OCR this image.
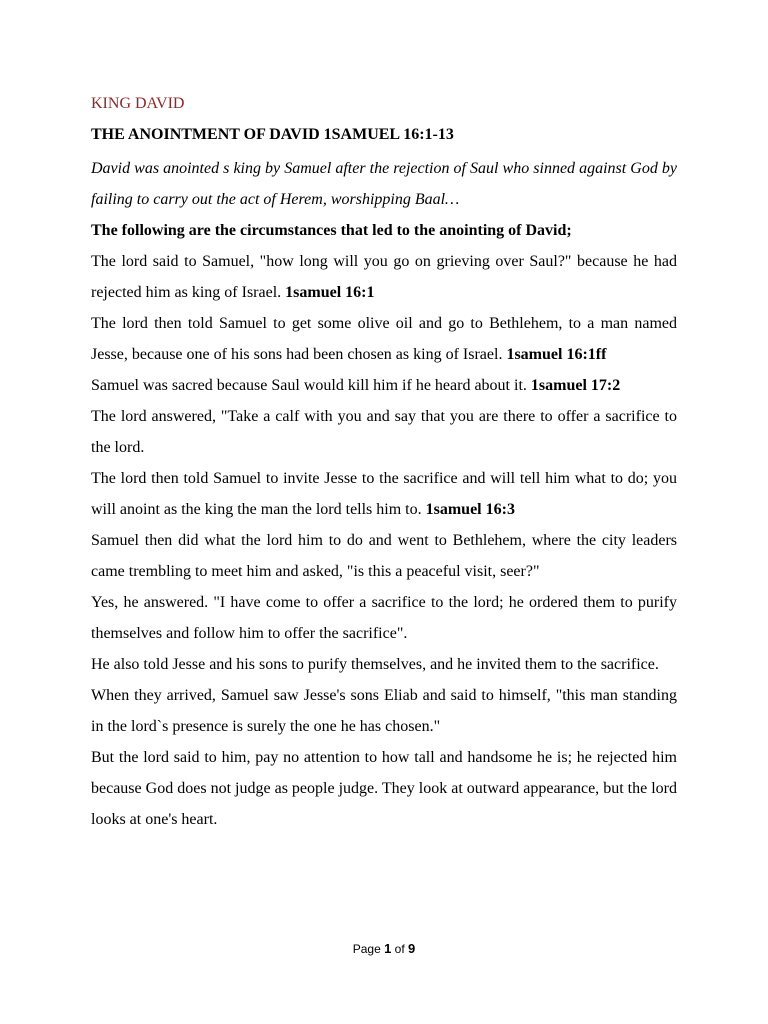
KING DAVID
THE ANOINTMENT OF DAVID 1SAMUEL 16:1-13

David was anointed s king by Samuel after the rejection of Saul who sinned against God by failing to carry out the act of Herem, worshipping Baal…

The following are the circumstances that led to the anointing of David;

The lord said to Samuel, "how long will you go on grieving over Saul?" because he had rejected him as king of Israel. 1samuel 16:1

The lord then told Samuel to get some olive oil and go to Bethlehem, to a man named Jesse, because one of his sons had been chosen as king of Israel. 1samuel 16:1ff

Samuel was sacred because Saul would kill him if he heard about it. 1samuel 17:2

The lord answered, "Take a calf with you and say that you are there to offer a sacrifice to the lord.

The lord then told Samuel to invite Jesse to the sacrifice and will tell him what to do; you will anoint as the king the man the lord tells him to. 1samuel 16:3

Samuel then did what the lord him to do and went to Bethlehem, where the city leaders came trembling to meet him and asked, "is this a peaceful visit, seer?"

Yes, he answered. "I have come to offer a sacrifice to the lord; he ordered them to purify themselves and follow him to offer the sacrifice".

He also told Jesse and his sons to purify themselves, and he invited them to the sacrifice.

When they arrived, Samuel saw Jesse's sons Eliab and said to himself, "this man standing in the lord`s presence is surely the one he has chosen."

But the lord said to him, pay no attention to how tall and handsome he is; he rejected him because God does not judge as people judge. They look at outward appearance, but the lord looks at one's heart.

Page 1 of 9
